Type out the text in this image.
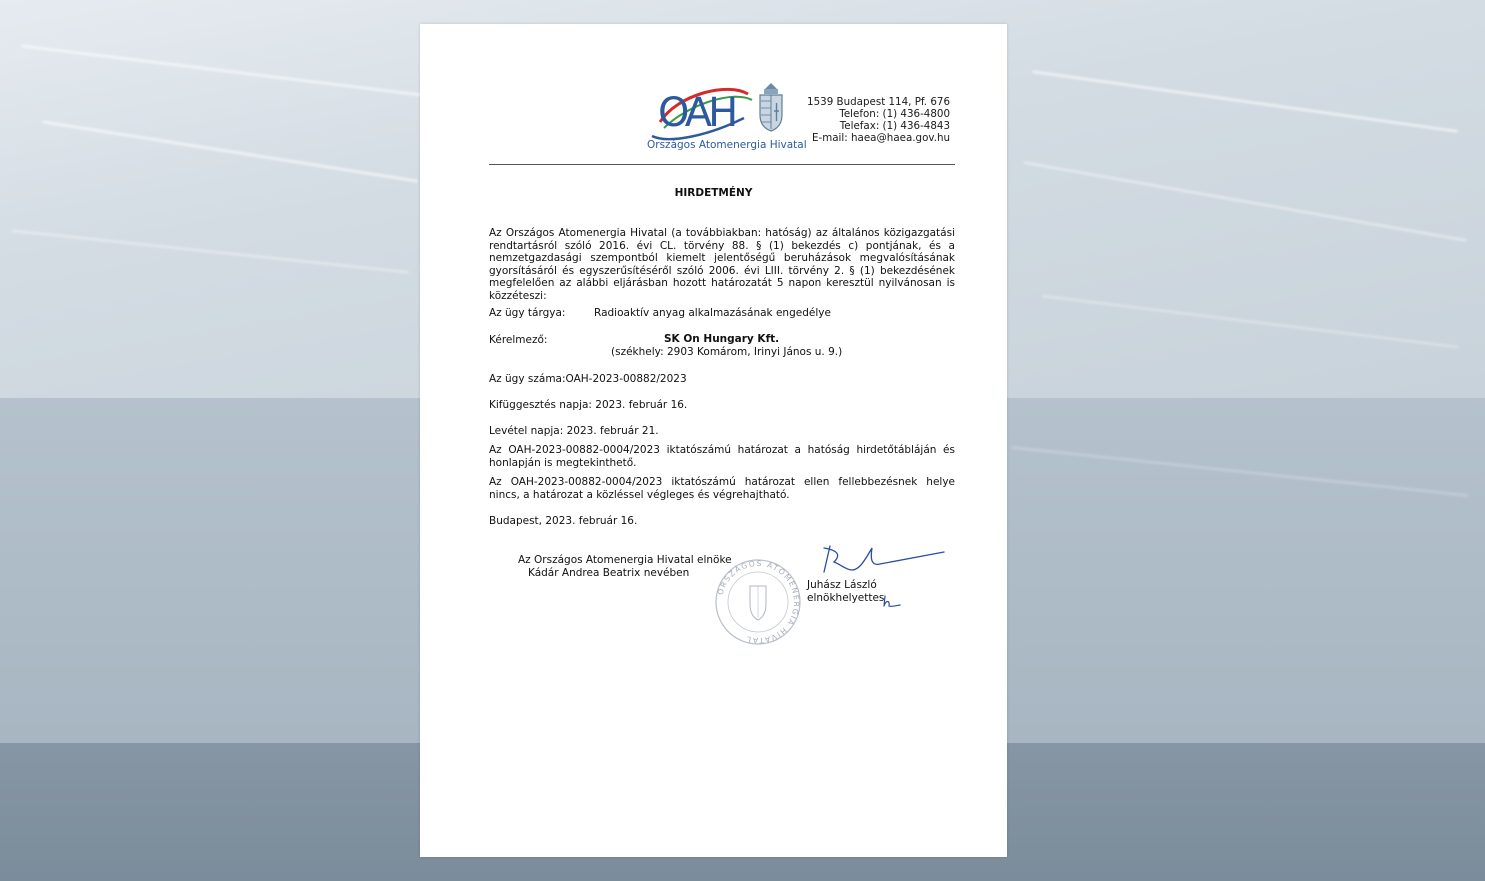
OAH
Országos Atomenergia Hivatal
1539 Budapest 114, Pf. 676
Telefon: (1) 436-4800
Telefax: (1) 436-4843
E-mail: haea@haea.gov.hu
HIRDETMÉNY
Az Országos Atomenergia Hivatal (a továbbiakban: hatóság) az általános közigazgatási rendtartásról szóló 2016. évi CL. törvény 88. § (1) bekezdés c) pontjának, és a nemzetgazdasági szempontból kiemelt jelentőségű beruházások megvalósításának gyorsításáról és egyszerűsítéséről szóló 2006. évi LIII. törvény 2. § (1) bekezdésének megfelelően az alábbi eljárásban hozott határozatát 5 napon keresztül nyilvánosan is közzéteszi:
Az ügy tárgya:	Radioaktív anyag alkalmazásának engedélye
Kérelmező:	SK On Hungary Kft.
(székhely: 2903 Komárom, Irinyi János u. 9.)
Az ügy száma:OAH-2023-00882/2023
Kifüggesztés napja: 2023. február 16.
Levétel napja: 2023. február 21.
Az OAH-2023-00882-0004/2023 iktatószámú határozat a hatóság hirdetőtábláján és honlapján is megtekinthető.
Az OAH-2023-00882-0004/2023 iktatószámú határozat ellen fellebbezésnek helye nincs, a határozat a közléssel végleges és végrehajtható.
Budapest, 2023. február 16.
Az Országos Atomenergia Hivatal elnöke
Kádár Andrea Beatrix nevében
ORSZÁGOS ATOMENERGIA HIVATAL
Juhász László
elnökhelyettes
